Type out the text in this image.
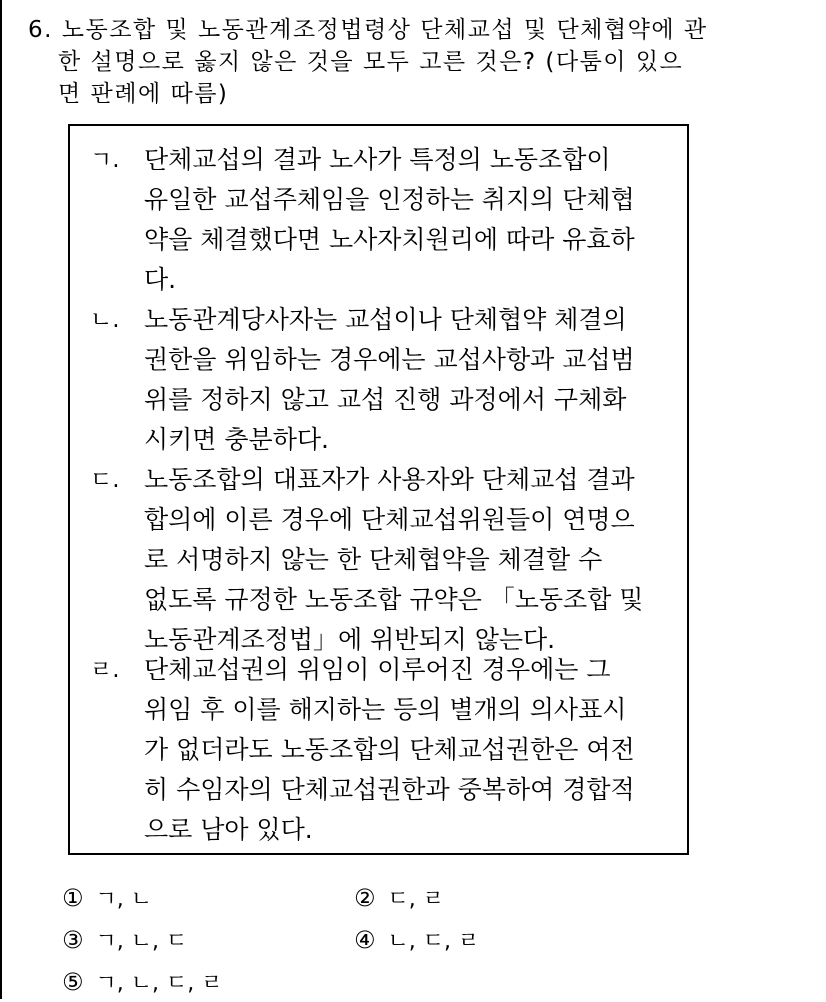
6. 노동조합 및 노동관계조정법령상 단체교섭 및 단체협약에 관
한 설명으로 옳지 않은 것을 모두 고른 것은? (다툼이 있으
면 판례에 따름)
ㄱ. 단체교섭의 결과 노사가 특정의 노동조합이
유일한 교섭주체임을 인정하는 취지의 단체협
약을 체결했다면 노사자치원리에 따라 유효하
다.
ㄴ. 노동관계당사자는 교섭이나 단체협약 체결의
권한을 위임하는 경우에는 교섭사항과 교섭범
위를 정하지 않고 교섭 진행 과정에서 구체화
시키면 충분하다.
ㄷ. 노동조합의 대표자가 사용자와 단체교섭 결과
합의에 이른 경우에 단체교섭위원들이 연명으
로 서명하지 않는 한 단체협약을 체결할 수
없도록 규정한 노동조합 규약은 「노동조합 및
노동관계조정법」에 위반되지 않는다.
ㄹ. 단체교섭권의 위임이 이루어진 경우에는 그
위임 후 이를 해지하는 등의 별개의 의사표시
가 없더라도 노동조합의 단체교섭권한은 여전
히 수임자의 단체교섭권한과 중복하여 경합적
으로 남아 있다.
① ㄱ, ㄴ	② ㄷ, ㄹ
③ ㄱ, ㄴ, ㄷ	④ ㄴ, ㄷ, ㄹ
⑤ ㄱ, ㄴ, ㄷ, ㄹ
